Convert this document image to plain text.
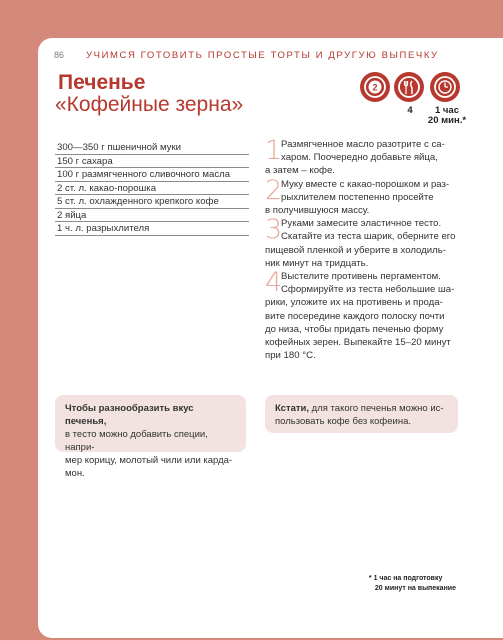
86 УЧИМСЯ ГОТОВИТЬ ПРОСТЫЕ ТОРТЫ И ДРУГУЮ ВЫПЕЧКУ
Печенье
«Кофейные зерна»
2
4	1 час
20 мин.*
300—350 г пшеничной муки
150 г сахара
100 г размягченного сливочного масла
2 ст. л. какао-порошка
5 ст. л. охлажденного крепкого кофе
2 яйца
1 ч. л. разрыхлителя
1
Размягченное масло разотрите с са-
харом. Поочередно добавьте яйца,
а затем – кофе.
2
Муку вместе с какао-порошком и раз-
рыхлителем постепенно просейте
в получившуюся массу.
3
Руками замесите эластичное тесто.
Скатайте из теста шарик, оберните его
пищевой пленкой и уберите в холодиль-
ник минут на тридцать.
4
Выстелите противень пергаментом.
Сформируйте из теста небольшие ша-
рики, уложите их на противень и прода-
вите посередине каждого полоску почти
до низа, чтобы придать печенью форму
кофейных зерен. Выпекайте 15–20 минут
при 180 °С.
Чтобы разнообразить вкус печенья,
в тесто можно добавить специи, напри-
мер корицу, молотый чили или карда-
мон.
Кстати, для такого печенья можно ис-
пользовать кофе без кофеина.
* 1 час на подготовку
20 минут на выпекание
